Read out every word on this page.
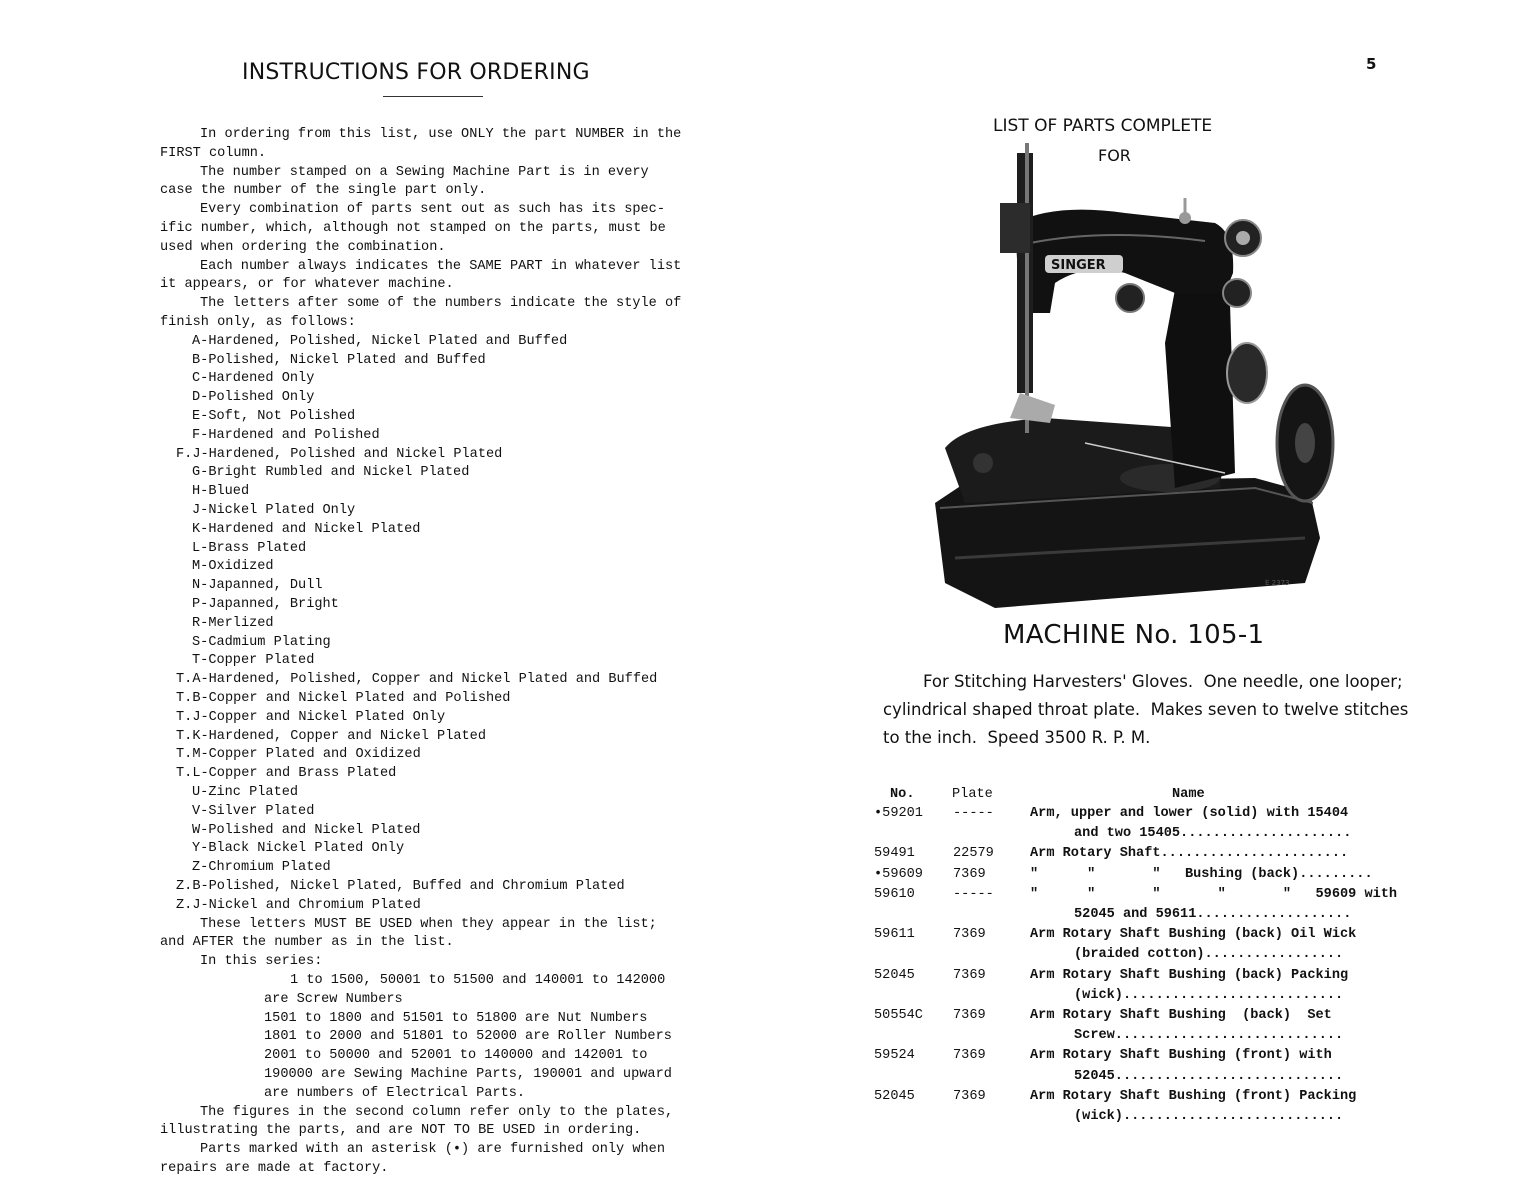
INSTRUCTIONS FOR ORDERING
In ordering from this list, use ONLY the part NUMBER in the
FIRST column.
The number stamped on a Sewing Machine Part is in every
case the number of the single part only.
Every combination of parts sent out as such has its spec-
ific number, which, although not stamped on the parts, must be
used when ordering the combination.
Each number always indicates the SAME PART in whatever list
it appears, or for whatever machine.
The letters after some of the numbers indicate the style of
finish only, as follows:
A-Hardened, Polished, Nickel Plated and Buffed
B-Polished, Nickel Plated and Buffed
C-Hardened Only
D-Polished Only
E-Soft, Not Polished
F-Hardened and Polished
F.J-Hardened, Polished and Nickel Plated
G-Bright Rumbled and Nickel Plated
H-Blued
J-Nickel Plated Only
K-Hardened and Nickel Plated
L-Brass Plated
M-Oxidized
N-Japanned, Dull
P-Japanned, Bright
R-Merlized
S-Cadmium Plating
T-Copper Plated
T.A-Hardened, Polished, Copper and Nickel Plated and Buffed
T.B-Copper and Nickel Plated and Polished
T.J-Copper and Nickel Plated Only
T.K-Hardened, Copper and Nickel Plated
T.M-Copper Plated and Oxidized
T.L-Copper and Brass Plated
U-Zinc Plated
V-Silver Plated
W-Polished and Nickel Plated
Y-Black Nickel Plated Only
Z-Chromium Plated
Z.B-Polished, Nickel Plated, Buffed and Chromium Plated
Z.J-Nickel and Chromium Plated
These letters MUST BE USED when they appear in the list;
and AFTER the number as in the list.
In this series:
1 to 1500, 50001 to 51500 and 140001 to 142000
are Screw Numbers
1501 to 1800 and 51501 to 51800 are Nut Numbers
1801 to 2000 and 51801 to 52000 are Roller Numbers
2001 to 50000 and 52001 to 140000 and 142001 to
190000 are Sewing Machine Parts, 190001 and upward
are numbers of Electrical Parts.
The figures in the second column refer only to the plates,
illustrating the parts, and are NOT TO BE USED in ordering.
Parts marked with an asterisk (•) are furnished only when
repairs are made at factory.
5
LIST OF PARTS COMPLETE
FOR
SINGER
E 2373
MACHINE No. 105-1
For Stitching Harvesters' Gloves.  One needle, one looper;
cylindrical shaped throat plate.  Makes seven to twelve stitches
to the inch.  Speed 3500 R. P. M.
No.	Plate	Name
•59201 -----	Arm, upper and lower (solid) with 15404
and two 15405.....................
59491	22579	Arm Rotary Shaft.......................
•59609 7369	"      "       "   Bushing (back).........
59610	-----	"      "       "       "       "   59609 with
52045 and 59611...................
59611	7369	Arm Rotary Shaft Bushing (back) Oil Wick
(braided cotton).................
52045	7369	Arm Rotary Shaft Bushing (back) Packing
(wick)...........................
50554C 7369	Arm Rotary Shaft Bushing  (back)  Set
Screw............................
59524	7369	Arm Rotary Shaft Bushing (front) with
52045............................
52045	7369	Arm Rotary Shaft Bushing (front) Packing
(wick)...........................
